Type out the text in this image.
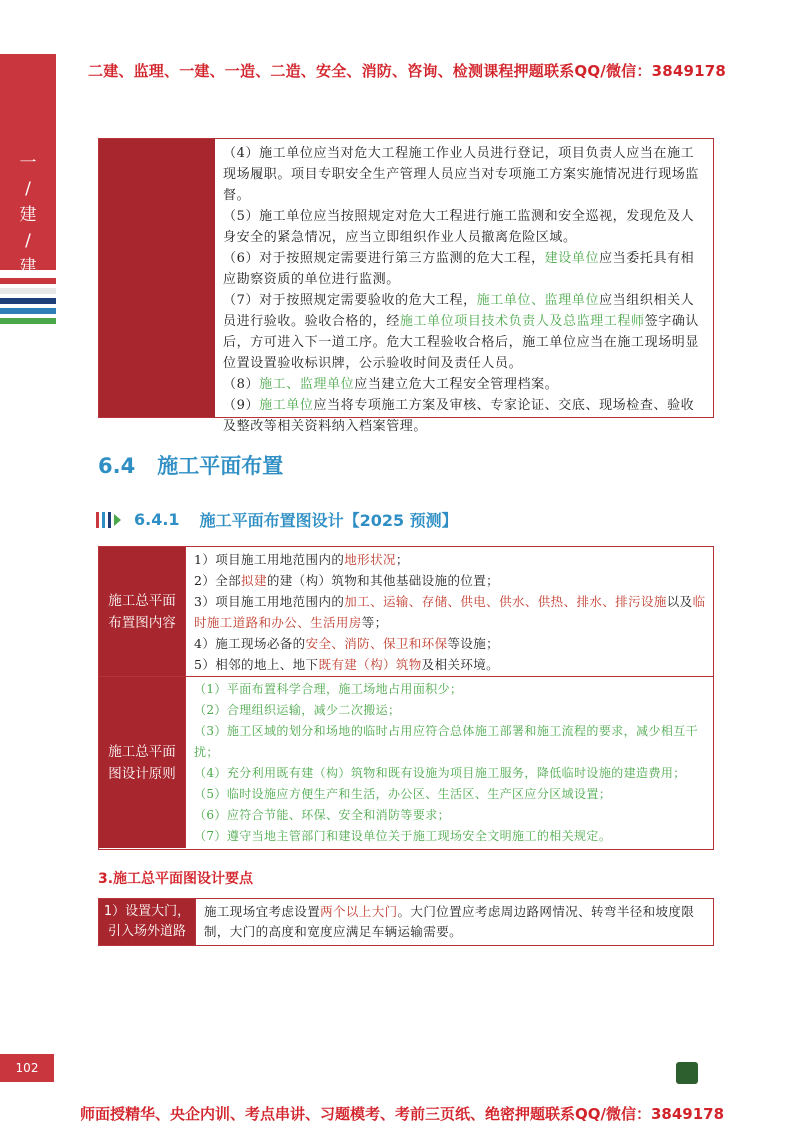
一
/
建
/
建

二建、监理、一建、一造、二造、安全、消防、咨询、检测课程押题联系QQ/微信：3849178

（4）施工单位应当对危大工程施工作业人员进行登记，项目负责人应当在施工现场履职。项目专职安全生产管理人员应当对专项施工方案实施情况进行现场监督。

（5）施工单位应当按照规定对危大工程进行施工监测和安全巡视，发现危及人身安全的紧急情况，应当立即组织作业人员撤离危险区域。

（6）对于按照规定需要进行第三方监测的危大工程，建设单位应当委托具有相应勘察资质的单位进行监测。

（7）对于按照规定需要验收的危大工程，施工单位、监理单位应当组织相关人员进行验收。验收合格的，经施工单位项目技术负责人及总监理工程师签字确认后，方可进入下一道工序。危大工程验收合格后，施工单位应当在施工现场明显位置设置验收标识牌，公示验收时间及责任人员。

（8）施工、监理单位应当建立危大工程安全管理档案。

（9）施工单位应当将专项施工方案及审核、专家论证、交底、现场检查、验收及整改等相关资料纳入档案管理。

6.4 施工平面布置
6.4.1 施工平面布置图设计【2025 预测】
施工总平面
布置图内容

1）项目施工用地范围内的地形状况；

2）全部拟建的建（构）筑物和其他基础设施的位置；

3）项目施工用地范围内的加工、运输、存储、供电、供水、供热、排水、排污设施以及临时施工道路和办公、生活用房等；

4）施工现场必备的安全、消防、保卫和环保等设施；

5）相邻的地上、地下既有建（构）筑物及相关环境。

施工总平面
图设计原则

（1）平面布置科学合理，施工场地占用面积少；

（2）合理组织运输，减少二次搬运；

（3）施工区域的划分和场地的临时占用应符合总体施工部署和施工流程的要求，减少相互干扰；

（4）充分利用既有建（构）筑物和既有设施为项目施工服务，降低临时设施的建造费用；

（5）临时设施应方便生产和生活，办公区、生活区、生产区应分区域设置；

（6）应符合节能、环保、安全和消防等要求；

（7）遵守当地主管部门和建设单位关于施工现场安全文明施工的相关规定。

3.施工总平面图设计要点
1）设置大门，
引入场外道路

施工现场宜考虑设置两个以上大门。大门位置应考虑周边路网情况、转弯半径和坡度限制，大门的高度和宽度应满足车辆运输需要。

102
师面授精华、央企内训、考点串讲、习题模考、考前三页纸、绝密押题联系QQ/微信：3849178
